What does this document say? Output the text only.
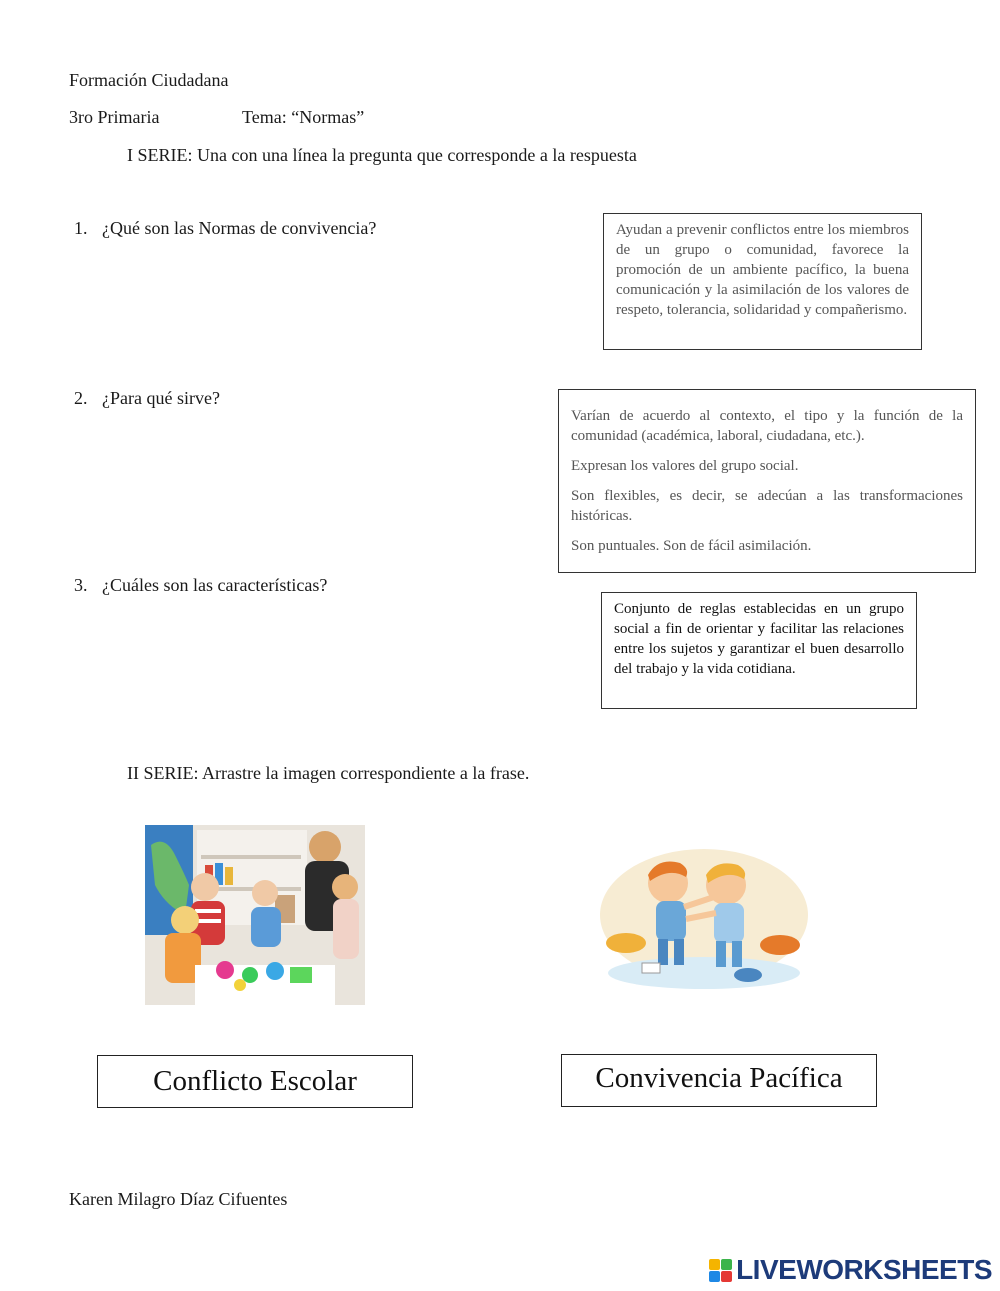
Formación Ciudadana
3ro Primaria	Tema: “Normas”
I SERIE: Una con una línea la pregunta que corresponde a la respuesta
1. ¿Qué son las Normas de convivencia?
2. ¿Para qué sirve?
3. ¿Cuáles son las características?

Ayudan a prevenir conflictos entre los miembros de un grupo o comunidad, favorece la promoción de un ambiente pacífico, la buena comunicación y la asimilación de los valores de respeto, tolerancia, solidaridad y compañerismo.

Varían de acuerdo al contexto, el tipo y la función de la comunidad (académica, laboral, ciudadana, etc.).

Expresan los valores del grupo social.

Son flexibles, es decir, se adecúan a las transformaciones históricas.

Son puntuales. Son de fácil asimilación.

Conjunto de reglas establecidas en un grupo social a fin de orientar y facilitar las relaciones entre los sujetos y garantizar el buen desarrollo del trabajo y la vida cotidiana.

II SERIE: Arrastre la imagen correspondiente a la frase.
Conflicto Escolar	Convivencia Pacífica
Karen Milagro Díaz Cifuentes
LIVEWORKSHEETS
